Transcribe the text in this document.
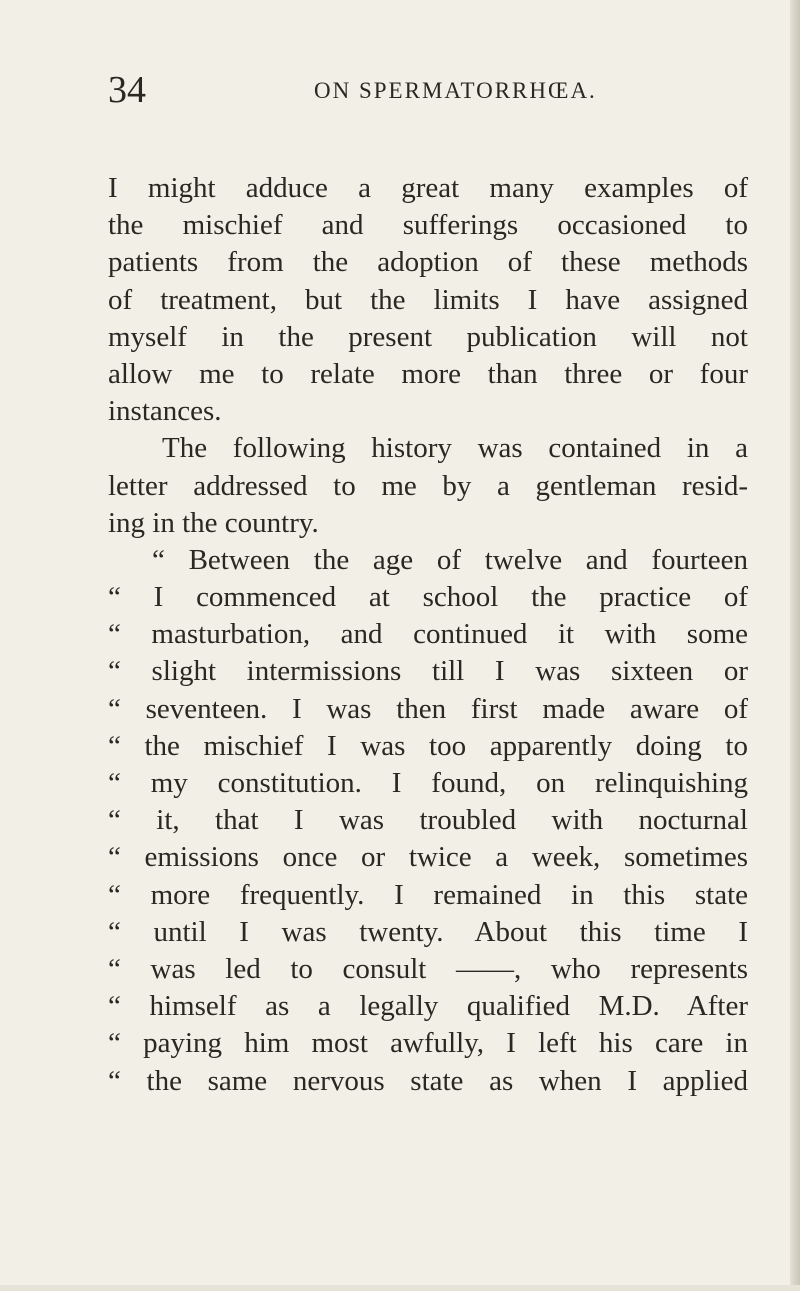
34	ON SPERMATORRHŒA.
I might adduce a great many examples of
the mischief and sufferings occasioned to
patients from the adoption of these methods
of treatment, but the limits I have assigned
myself in the present publication will not
allow me to relate more than three or four
instances.
The following history was contained in a
letter addressed to me by a gentleman resid-
ing in the country.
“ Between the age of twelve and fourteen
“ I commenced at school the practice of
“ masturbation, and continued it with some
“ slight intermissions till I was sixteen or
“ seventeen. I was then first made aware of
“ the mischief I was too apparently doing to
“ my constitution. I found, on relinquishing
“ it, that I was troubled with nocturnal
“ emissions once or twice a week, sometimes
“ more frequently. I remained in this state
“ until I was twenty. About this time I
“ was led to consult ——, who represents
“ himself as a legally qualified M.D. After
“ paying him most awfully, I left his care in
“ the same nervous state as when I applied
